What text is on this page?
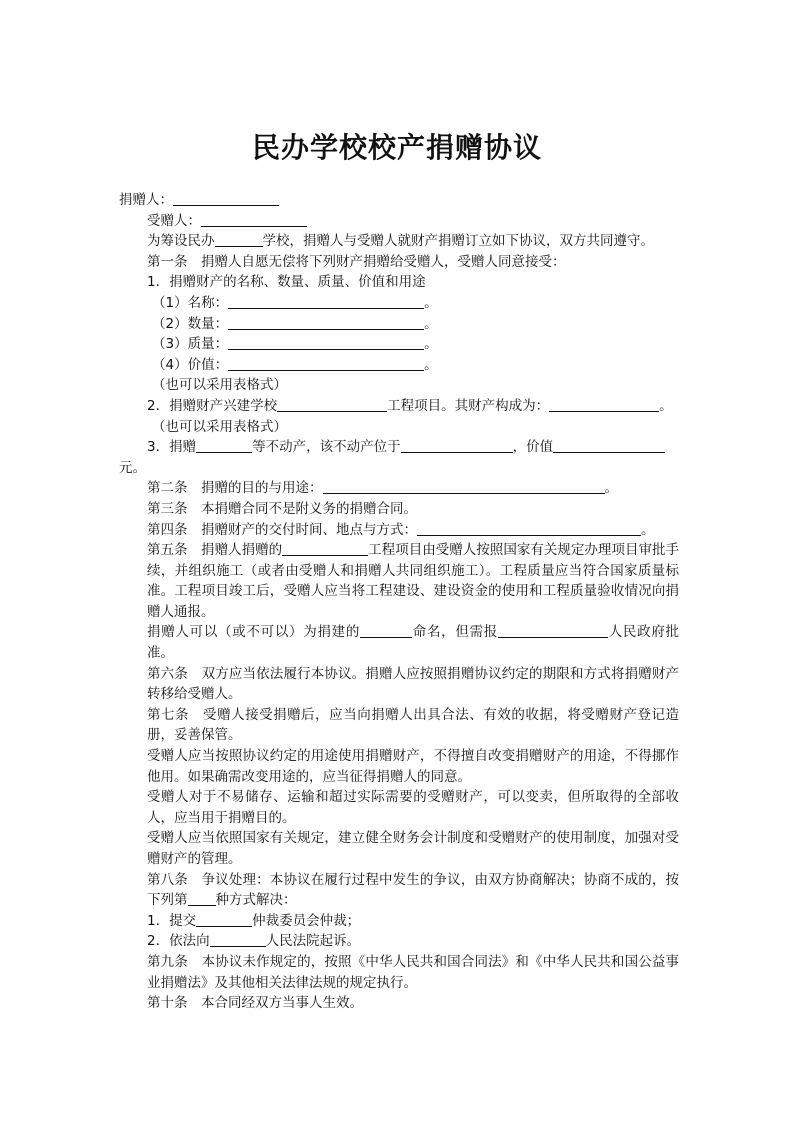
民办学校校产捐赠协议

捐赠人：

受赠人：

为筹设民办	学校，捐赠人与受赠人就财产捐赠订立如下协议，双方共同遵守。

第一条　捐赠人自愿无偿将下列财产捐赠给受赠人，受赠人同意接受：

1．捐赠财产的名称、数量、质量、价值和用途

（1）名称：	。

（2）数量：	。

（3）质量：	。

（4）价值：	。

（也可以采用表格式）

2．捐赠财产兴建学校	工程项目。其财产构成为：	。

（也可以采用表格式）

3．捐赠	等不动产，该不动产位于	，价值

元。

第二条　捐赠的目的与用途：	。

第三条　本捐赠合同不是附义务的捐赠合同。

第四条　捐赠财产的交付时间、地点与方式：	。

第五条　捐赠人捐赠的	工程项目由受赠人按照国家有关规定办理项目审批手续，并组织施工（或者由受赠人和捐赠人共同组织施工）。工程质量应当符合国家质量标准。工程项目竣工后，受赠人应当将工程建设、建设资金的使用和工程质量验收情况向捐赠人通报。

捐赠人可以（或不可以）为捐建的	命名，但需报	人民政府批准。

第六条　双方应当依法履行本协议。捐赠人应按照捐赠协议约定的期限和方式将捐赠财产转移给受赠人。

第七条　受赠人接受捐赠后，应当向捐赠人出具合法、有效的收据，将受赠财产登记造册，妥善保管。

受赠人应当按照协议约定的用途使用捐赠财产，不得擅自改变捐赠财产的用途，不得挪作他用。如果确需改变用途的，应当征得捐赠人的同意。

受赠人对于不易储存、运输和超过实际需要的受赠财产，可以变卖，但所取得的全部收人，应当用于捐赠目的。

受赠人应当依照国家有关规定，建立健全财务会计制度和受赠财产的使用制度，加强对受赠财产的管理。

第八条　争议处理：本协议在履行过程中发生的争议，由双方协商解决；协商不成的，按下列第 种方式解决：

1．提交	仲裁委员会仲裁；

2．依法向	人民法院起诉。

第九条　本协议未作规定的，按照《中华人民共和国合同法》和《中华人民共和国公益事业捐赠法》及其他相关法律法规的规定执行。

第十条　本合同经双方当事人生效。
